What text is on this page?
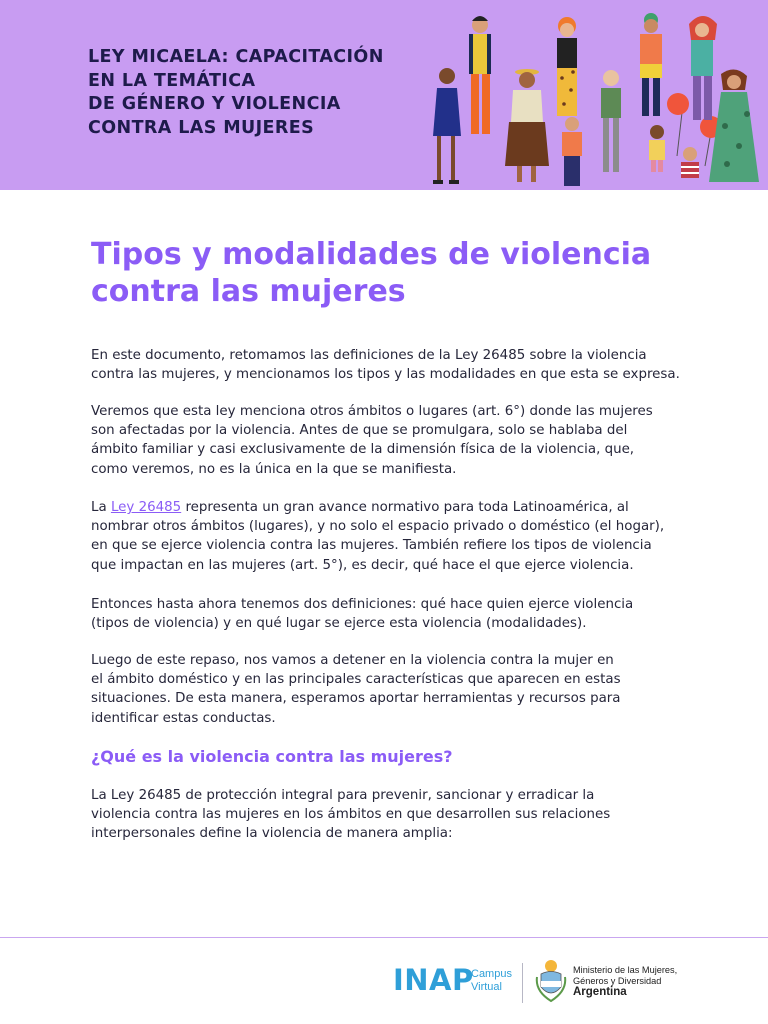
LEY MICAELA: CAPACITACIÓN
EN LA TEMÁTICA
DE GÉNERO Y VIOLENCIA
CONTRA LAS MUJERES
Tipos y modalidades de violencia
contra las mujeres
En este documento, retomamos las definiciones de la Ley 26485 sobre la violencia
contra las mujeres, y mencionamos los tipos y las modalidades en que esta se expresa.
Veremos que esta ley menciona otros ámbitos o lugares (art. 6°) donde las mujeres
son afectadas por la violencia. Antes de que se promulgara, solo se hablaba del
ámbito familiar y casi exclusivamente de la dimensión física de la violencia, que,
como veremos, no es la única en la que se manifiesta.
La Ley 26485 representa un gran avance normativo para toda Latinoamérica, al
nombrar otros ámbitos (lugares), y no solo el espacio privado o doméstico (el hogar),
en que se ejerce violencia contra las mujeres. También refiere los tipos de violencia
que impactan en las mujeres (art. 5°), es decir, qué hace el que ejerce violencia.
Entonces hasta ahora tenemos dos definiciones: qué hace quien ejerce violencia
(tipos de violencia) y en qué lugar se ejerce esta violencia (modalidades).
Luego de este repaso, nos vamos a detener en la violencia contra la mujer en
el ámbito doméstico y en las principales características que aparecen en estas
situaciones. De esta manera, esperamos aportar herramientas y recursos para
identificar estas conductas.
¿Qué es la violencia contra las mujeres?
La Ley 26485 de protección integral para prevenir, sancionar y erradicar la
violencia contra las mujeres en los ámbitos en que desarrollen sus relaciones
interpersonales define la violencia de manera amplia:
INAP
Campus
Virtual
Ministerio de las Mujeres,
Géneros y Diversidad
Argentina
